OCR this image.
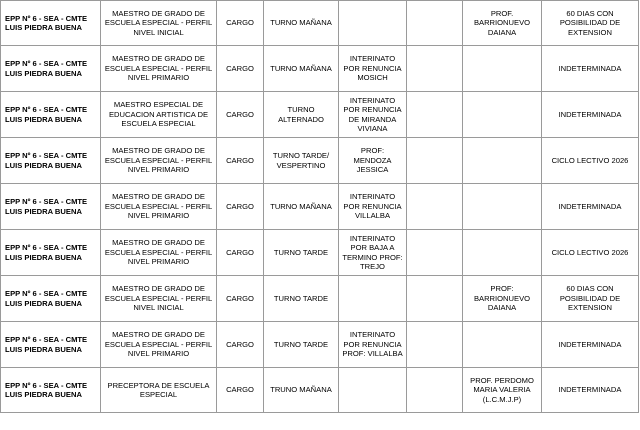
EPP Nº 6 - SEA - CMTE LUIS PIEDRA BUENA	MAESTRO DE GRADO DE ESCUELA ESPECIAL - PERFIL NIVEL INICIAL	CARGO	TURNO MAÑANA			PROF. BARRIONUEVO DAIANA	60 DIAS CON POSIBILIDAD DE EXTENSION
EPP Nº 6 - SEA - CMTE LUIS PIEDRA BUENA	MAESTRO DE GRADO DE ESCUELA ESPECIAL - PERFIL NIVEL PRIMARIO	CARGO	TURNO MAÑANA	INTERINATO POR RENUNCIA MOSICH			INDETERMINADA
EPP Nº 6 - SEA - CMTE LUIS PIEDRA BUENA	MAESTRO ESPECIAL DE EDUCACION ARTISTICA DE ESCUELA ESPECIAL	CARGO	TURNO ALTERNADO	INTERINATO POR RENUNCIA DE MIRANDA VIVIANA			INDETERMINADA
EPP Nº 6 - SEA - CMTE LUIS PIEDRA BUENA	MAESTRO DE GRADO DE ESCUELA ESPECIAL - PERFIL NIVEL PRIMARIO	CARGO	TURNO TARDE/ VESPERTINO	PROF: MENDOZA JESSICA			CICLO LECTIVO 2026
EPP Nº 6 - SEA - CMTE LUIS PIEDRA BUENA	MAESTRO DE GRADO DE ESCUELA ESPECIAL - PERFIL NIVEL PRIMARIO	CARGO	TURNO MAÑANA	INTERINATO POR RENUNCIA VILLALBA			INDETERMINADA
EPP Nº 6 - SEA - CMTE LUIS PIEDRA BUENA	MAESTRO DE GRADO DE ESCUELA ESPECIAL - PERFIL NIVEL PRIMARIO	CARGO	TURNO TARDE	INTERINATO POR BAJA A TERMINO PROF: TREJO			CICLO LECTIVO 2026
EPP Nº 6 - SEA - CMTE LUIS PIEDRA BUENA	MAESTRO DE GRADO DE ESCUELA ESPECIAL - PERFIL NIVEL INICIAL	CARGO	TURNO TARDE			PROF: BARRIONUEVO DAIANA	60 DIAS CON POSIBILIDAD DE EXTENSION
EPP Nº 6 - SEA - CMTE LUIS PIEDRA BUENA	MAESTRO DE GRADO DE ESCUELA ESPECIAL - PERFIL NIVEL PRIMARIO	CARGO	TURNO TARDE	INTERINATO POR RENUNCIA PROF: VILLALBA			INDETERMINADA
EPP Nº 6 - SEA - CMTE LUIS PIEDRA BUENA	PRECEPTORA DE ESCUELA ESPECIAL	CARGO	TRUNO MAÑANA			PROF. PERDOMO MARIA VALERIA (L.C.M.J.P)	INDETERMINADA
